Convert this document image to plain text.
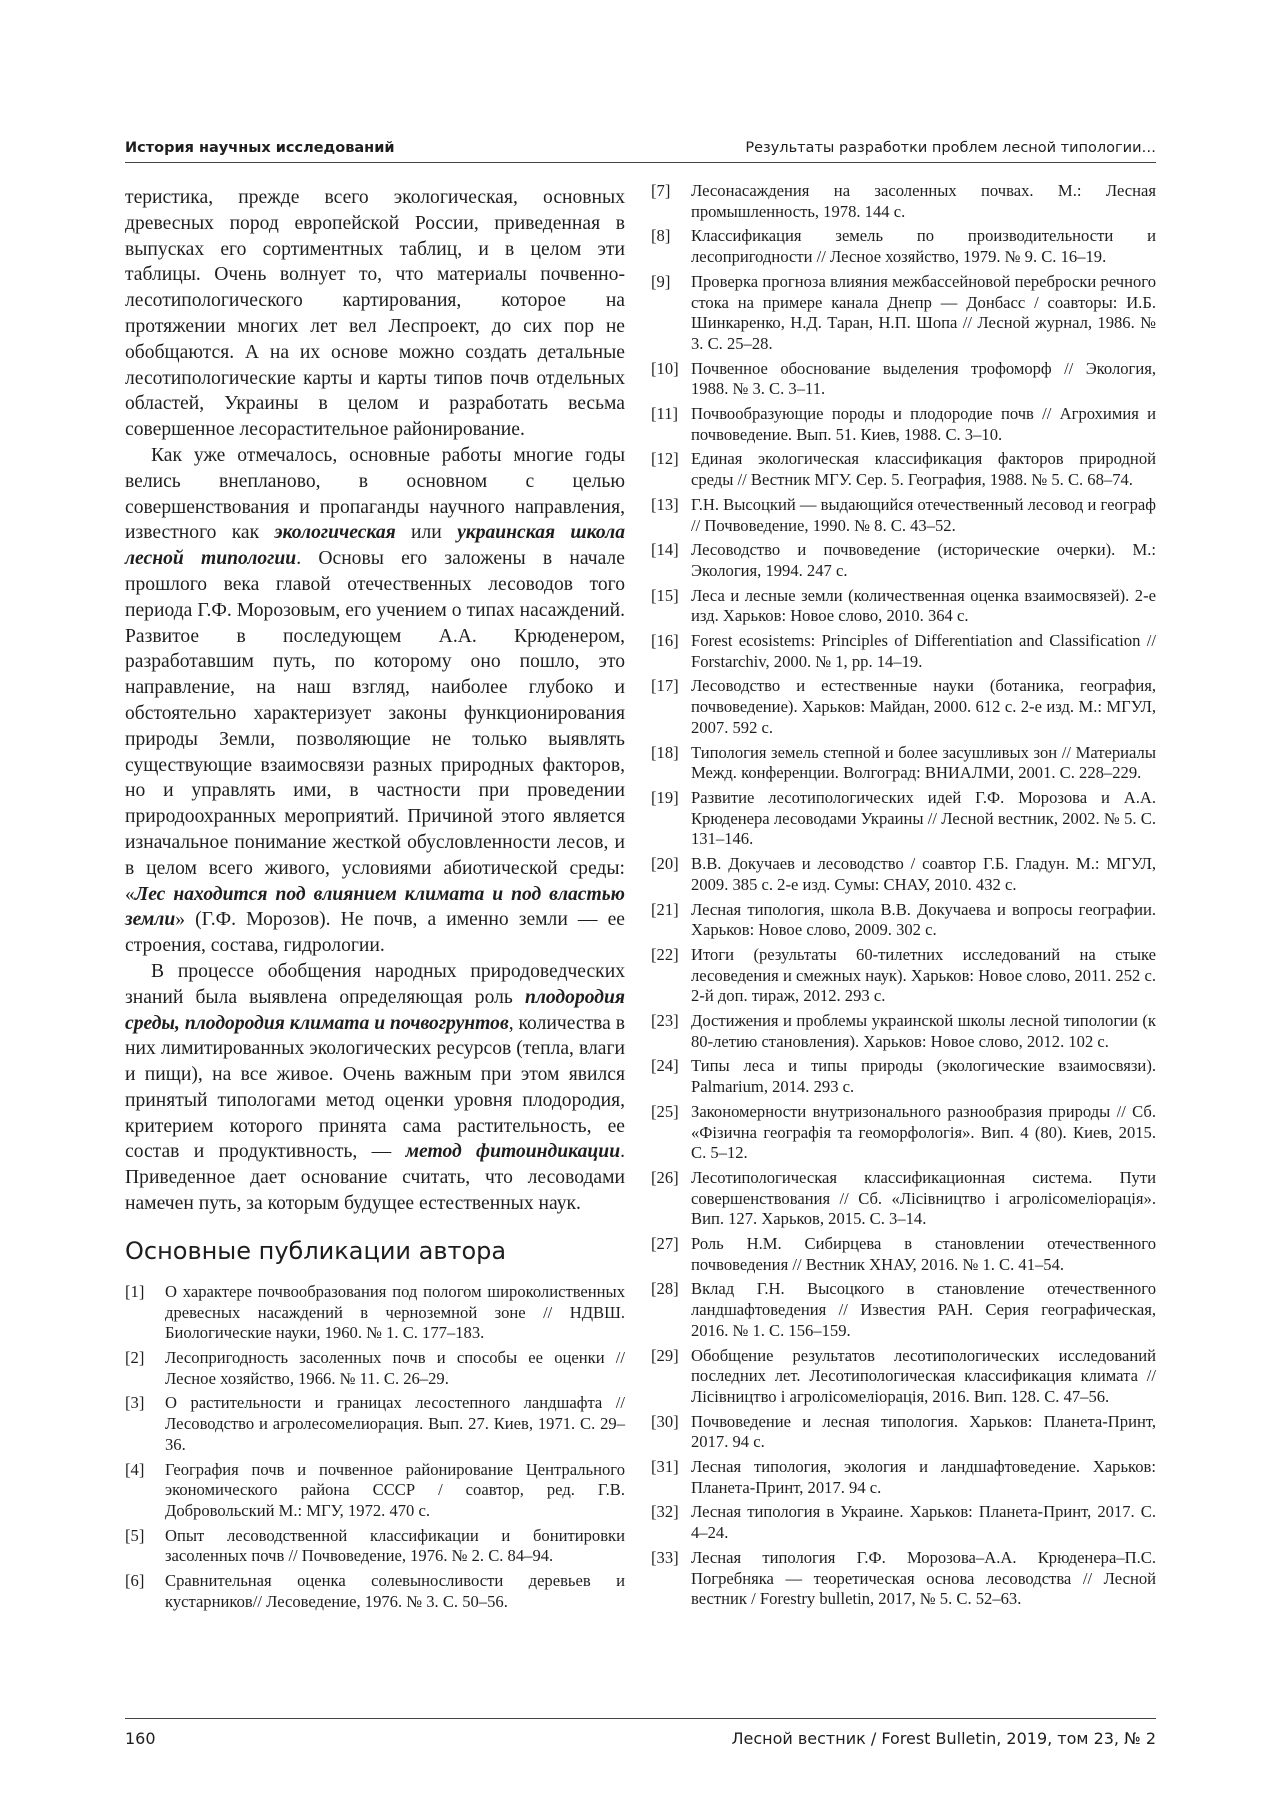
История научных исследований	Результаты разработки проблем лесной типологии…

теристика, прежде всего экологическая, основных древесных пород европейской России, приведенная в выпусках его сортиментных таблиц, и в целом эти таблицы. Очень волнует то, что материалы почвенно-лесотипологического картирования, которое на протяжении многих лет вел Леспроект, до сих пор не обобщаются. А на их основе можно создать детальные лесотипологические карты и карты типов почв отдельных областей, Украины в целом и разработать весьма совершенное лесорастительное районирование.

Как уже отмечалось, основные работы многие годы велись внепланово, в основном с целью совершенствования и пропаганды научного направления, известного как экологическая или украинская школа лесной типологии. Основы его заложены в начале прошлого века главой отечественных лесоводов того периода Г.Ф. Морозовым, его учением о типах насаждений. Развитое в последующем А.А. Крюденером, разработавшим путь, по которому оно пошло, это направление, на наш взгляд, наиболее глубоко и обстоятельно характеризует законы функционирования природы Земли, позволяющие не только выявлять существующие взаимосвязи разных природных факторов, но и управлять ими, в частности при проведении природоохранных мероприятий. Причиной этого является изначальное понимание жесткой обусловленности лесов, и в целом всего живого, условиями абиотической среды: «Лес находится под влиянием климата и под властью земли» (Г.Ф. Морозов). Не почв, а именно земли — ее строения, состава, гидрологии.

В процессе обобщения народных природоведческих знаний была выявлена определяющая роль плодородия среды, плодородия климата и почвогрунтов, количества в них лимитированных экологических ресурсов (тепла, влаги и пищи), на все живое. Очень важным при этом явился принятый типологами метод оценки уровня плодородия, критерием которого принята сама растительность, ее состав и продуктивность, — метод фитоиндикации. Приведенное дает основание считать, что лесоводами намечен путь, за которым будущее естественных наук.

Основные публикации автора
[1]	О характере почвообразования под пологом широколиственных древесных насаждений в черноземной зоне // НДВШ. Биологические науки, 1960. № 1. С. 177–183.
[2]	Лесопригодность засоленных почв и способы ее оценки // Лесное хозяйство, 1966. № 11. С. 26–29.
[3]	О растительности и границах лесостепного ландшафта // Лесоводство и агролесомелиорация. Вып. 27. Киев, 1971. С. 29–36.
[4]	География почв и почвенное районирование Центрального экономического района СССР / соавтор, ред. Г.В. Добровольский М.: МГУ, 1972. 470 с.
[5]	Опыт лесоводственной классификации и бонитировки засоленных почв // Почвоведение, 1976. № 2. С. 84–94.
[6]	Сравнительная оценка солевыносливости деревьев и кустарников// Лесоведение, 1976. № 3. С. 50–56.
[7]	Лесонасаждения на засоленных почвах. М.: Лесная промышленность, 1978. 144 с.
[8]	Классификация земель по производительности и лесопригодности // Лесное хозяйство, 1979. № 9. С. 16–19.
[9]	Проверка прогноза влияния межбассейновой переброски речного стока на примере канала Днепр — Донбасс / соавторы: И.Б. Шинкаренко, Н.Д. Таран, Н.П. Шопа // Лесной журнал, 1986. № 3. С. 25–28.
[10] Почвенное обоснование выделения трофоморф // Экология, 1988. № 3. С. 3–11.
[11] Почвообразующие породы и плодородие почв // Агрохимия и почвоведение. Вып. 51. Киев, 1988. С. 3–10.
[12] Единая экологическая классификация факторов природной среды // Вестник МГУ. Сер. 5. География, 1988. № 5. С. 68–74.
[13] Г.Н. Высоцкий — выдающийся отечественный лесовод и географ // Почвоведение, 1990. № 8. С. 43–52.
[14] Лесоводство и почвоведение (исторические очерки). М.: Экология, 1994. 247 с.
[15] Леса и лесные земли (количественная оценка взаимосвязей). 2-е изд. Харьков: Новое слово, 2010. 364 с.
[16] Forest ecosistems: Principles of Differentiation and Classification // Forstarchiv, 2000. № 1, pp. 14–19.
[17] Лесоводство и естественные науки (ботаника, география, почвоведение). Харьков: Майдан, 2000. 612 с. 2-е изд. М.: МГУЛ, 2007. 592 с.
[18] Типология земель степной и более засушливых зон // Материалы Межд. конференции. Волгоград: ВНИАЛМИ, 2001. С. 228–229.
[19] Развитие лесотипологических идей Г.Ф. Морозова и А.А. Крюденера лесоводами Украины // Лесной вестник, 2002. № 5. С. 131–146.
[20] В.В. Докучаев и лесоводство / соавтор Г.Б. Гладун. М.: МГУЛ, 2009. 385 с. 2-е изд. Сумы: СНАУ, 2010. 432 с.
[21] Лесная типология, школа В.В. Докучаева и вопросы географии. Харьков: Новое слово, 2009. 302 с.
[22] Итоги (результаты 60-тилетних исследований на стыке лесоведения и смежных наук). Харьков: Новое слово, 2011. 252 с. 2-й доп. тираж, 2012. 293 с.
[23] Достижения и проблемы украинской школы лесной типологии (к 80-летию становления). Харьков: Новое слово, 2012. 102 с.
[24] Типы леса и типы природы (экологические взаимосвязи). Palmarium, 2014. 293 с.
[25] Закономерности внутризонального разнообразия природы // Сб. «Фізична географія та геоморфологія». Вип. 4 (80). Киев, 2015. С. 5–12.
[26] Лесотипологическая классификационная система. Пути совершенствования // Сб. «Лісівництво і агролісомеліорація». Вип. 127. Харьков, 2015. С. 3–14.
[27] Роль Н.М. Сибирцева в становлении отечественного почвоведения // Вестник ХНАУ, 2016. № 1. С. 41–54.
[28] Вклад Г.Н. Высоцкого в становление отечественного ландшафтоведения // Известия РАН. Серия географическая, 2016. № 1. С. 156–159.
[29] Обобщение результатов лесотипологических исследований последних лет. Лесотипологическая классификация климата // Лісівництво і агролісомеліорація, 2016. Вип. 128. С. 47–56.
[30] Почвоведение и лесная типология. Харьков: Планета-Принт, 2017. 94 с.
[31] Лесная типология, экология и ландшафтоведение. Харьков: Планета-Принт, 2017. 94 с.
[32] Лесная типология в Украине. Харьков: Планета-Принт, 2017. С. 4–24.
[33] Лесная типология Г.Ф. Морозова–А.А. Крюденера–П.С. Погребняка — теоретическая основа лесоводства // Лесной вестник / Forestry bulletin, 2017, № 5. С. 52–63.
160	Лесной вестник / Forest Bulletin, 2019, том 23, № 2
